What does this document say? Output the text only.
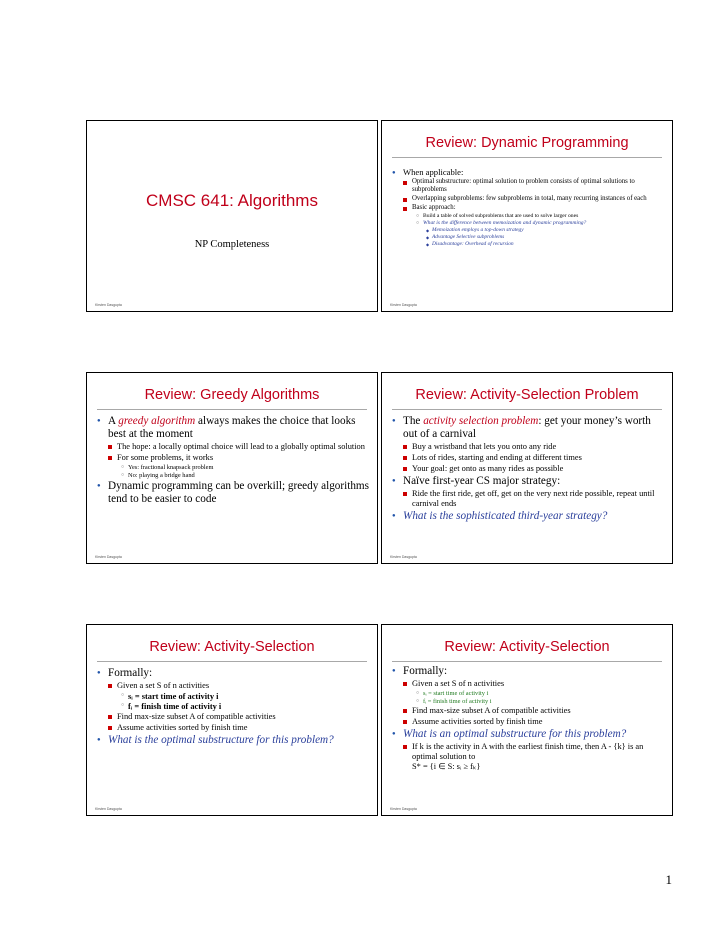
CMSC 641: Algorithms
NP Completeness
Kirsten Dasgupta
Review: Dynamic Programming
● When applicable:
Optimal substructure: optimal solution to problem consists of optimal solutions to subproblems
Overlapping subproblems: few subproblems in total, many recurring instances of each
Basic approach:
○ Build a table of solved subproblems that are used to solve larger ones
○ What is the difference between memoization and dynamic programming?
◆ Memoization employs a top-down strategy
◆ Advantage Selective subproblems
◆ Disadvantage: Overhead of recursion
Kirsten Dasgupta
Review: Greedy Algorithms
● A greedy algorithm always makes the choice that looks best at the moment
The hope: a locally optimal choice will lead to a globally optimal solution
For some problems, it works
○ Yes: fractional knapsack problem
○ No: playing a bridge hand
● Dynamic programming can be overkill; greedy algorithms tend to be easier to code
Kirsten Dasgupta
Review: Activity-Selection Problem
● The activity selection problem: get your money’s worth out of a carnival
Buy a wristband that lets you onto any ride
Lots of rides, starting and ending at different times
Your goal: get onto as many rides as possible
● Naïve first-year CS major strategy:
Ride the first ride, get off, get on the very next ride possible, repeat until carnival ends
● What is the sophisticated third-year strategy?
Kirsten Dasgupta
Review: Activity-Selection
● Formally:
Given a set S of n activities
○ sᵢ = start time of activity i
○ fᵢ = finish time of activity i
Find max-size subset A of compatible activities
Assume activities sorted by finish time
● What is the optimal substructure for this problem?
Kirsten Dasgupta
Review: Activity-Selection
● Formally:
Given a set S of n activities
○ sᵢ = start time of activity i
○ fᵢ = finish time of activity i
Find max-size subset A of compatible activities
Assume activities sorted by finish time
● What is an optimal substructure for this problem?
If k is the activity in A with the earliest finish time, then A - {k} is an optimal solution to
S* = {i ∈ S: sᵢ ≥ fₖ}
Kirsten Dasgupta
1
